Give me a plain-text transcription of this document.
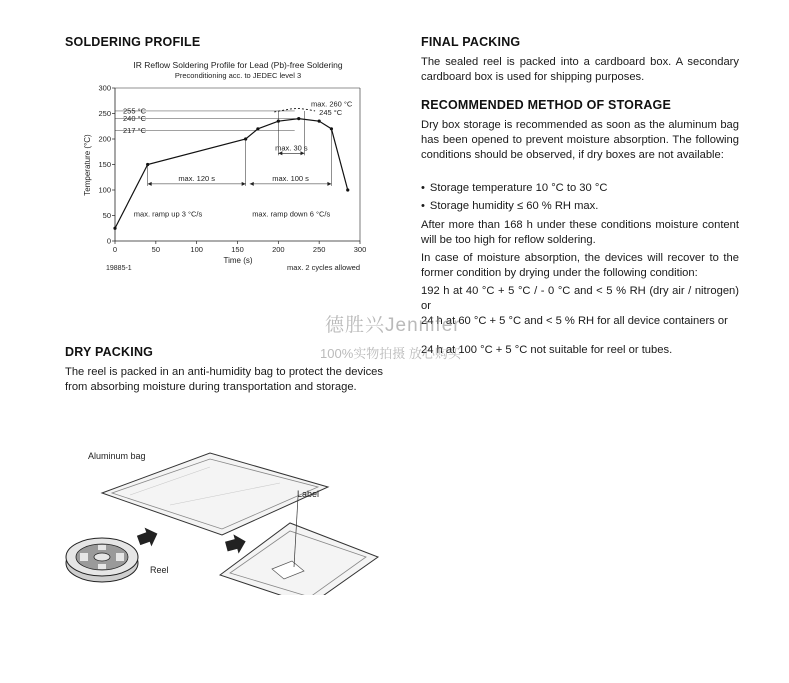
SOLDERING PROFILE
IR Reflow Soldering Profile for Lead (Pb)-free Soldering
Preconditioning acc. to JEDEC level 3
255 °C
240 °C
217 °C
0	50	100	150	200	250	300
0
50
100
150
200
250
300
max. 120 s	max. 100 s
max. 30 s
max. 260 °C
245 °C
max. ramp up 3 °C/s	max. ramp down 6 °C/s
Time (s)
Temperature (°C)
19885-1	max. 2 cycles allowed
DRY PACKING
The reel is packed in an anti-humidity bag to protect the devices from absorbing moisture during transportation and storage.
Aluminum bag
Reel
Label
FINAL PACKING
The sealed reel is packed into a cardboard box. A secondary cardboard box is used for shipping purposes.
RECOMMENDED METHOD OF STORAGE
Dry box storage is recommended as soon as the aluminum bag has been opened to prevent moisture absorption. The following conditions should be observed, if dry boxes are not available:
• Storage temperature 10 °C to 30 °C
• Storage humidity ≤ 60 % RH max.
After more than 168 h under these conditions moisture content will be too high for reflow soldering.
In case of moisture absorption, the devices will recover to the former condition by drying under the following condition:
192 h at 40 °C + 5 °C / - 0 °C and < 5 % RH (dry air / nitrogen) or
24 h at 60 °C + 5 °C and < 5 % RH for all device containers or
24 h at 100 °C + 5 °C not suitable for reel or tubes.
德胜兴Jennifer
100%实物拍摄 放心购买
